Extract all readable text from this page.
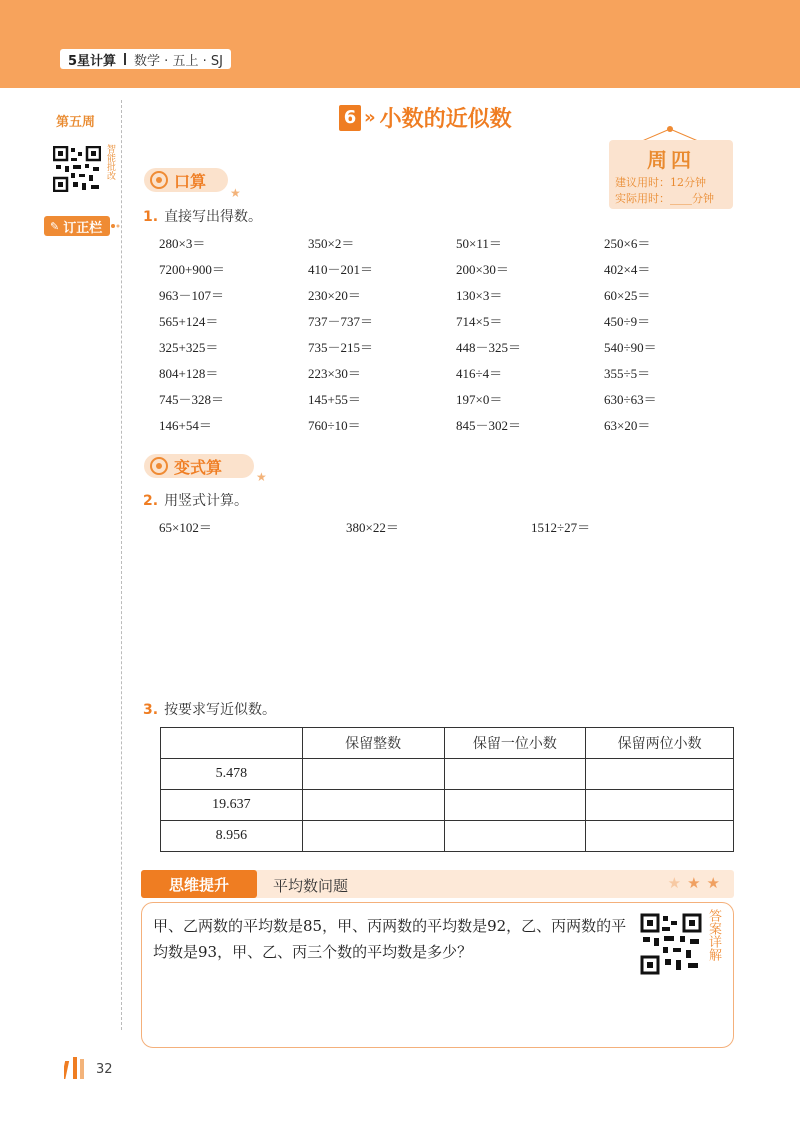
5星计算 数学 · 五上 · SJ
第五周
智能批改
✎ 订正栏
6 » 小数的近似数
周四
建议用时：12分钟
实际用时：____分钟
口算
★
1. 直接写出得数。
280×3＝	350×2＝	50×11＝	250×6＝
7200+900＝	410－201＝	200×30＝	402×4＝
963－107＝	230×20＝	130×3＝	60×25＝
565+124＝	737－737＝	714×5＝	450÷9＝
325+325＝	735－215＝	448－325＝	540÷90＝
804+128＝	223×30＝	416÷4＝	355÷5＝
745－328＝	145+55＝	197×0＝	630÷63＝
146+54＝	760÷10＝	845－302＝	63×20＝
变式算
★
2. 用竖式计算。
65×102＝	380×22＝	1512÷27＝
3. 按要求写近似数。
	保留整数	保留一位小数	保留两位小数
5.478			
19.637			
8.956			
思维提升	平均数问题	★★★
甲、乙两数的平均数是85，甲、丙两数的平均数是92，乙、丙两数的平均数是93，甲、乙、丙三个数的平均数是多少？	答案详解
32
